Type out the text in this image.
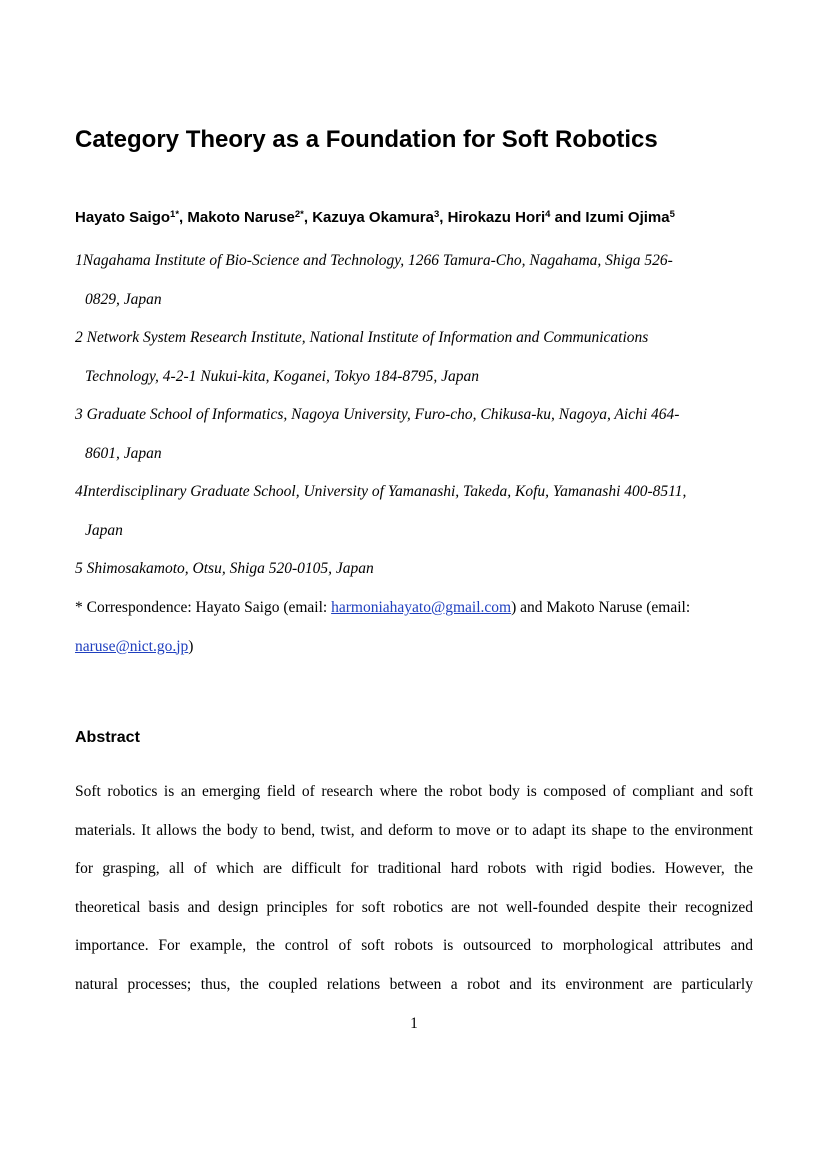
Category Theory as a Foundation for Soft Robotics
Hayato Saigo$^{1*}$, Makoto Naruse$^{2*}$, Kazuya Okamura$^3$, Hirokazu Hori$^4$ and Izumi Ojima$^5$

1Nagahama Institute of Bio-Science and Technology, 1266 Tamura-Cho, Nagahama, Shiga 526-
0829, Japan

2 Network System Research Institute, National Institute of Information and Communications
Technology, 4-2-1 Nukui-kita, Koganei, Tokyo 184-8795, Japan

3 Graduate School of Informatics, Nagoya University, Furo-cho, Chikusa-ku, Nagoya, Aichi 464-
8601, Japan

4Interdisciplinary Graduate School, University of Yamanashi, Takeda, Kofu, Yamanashi 400-8511,
Japan

5 Shimosakamoto, Otsu, Shiga 520-0105, Japan

* Correspondence: Hayato Saigo (email: harmoniahayato@gmail.com) and Makoto Naruse (email:
naruse@nict.go.jp)
Abstract

Soft robotics is an emerging field of research where the robot body is composed of compliant and soft
materials. It allows the body to bend, twist, and deform to move or to adapt its shape to the environment
for grasping, all of which are difficult for traditional hard robots with rigid bodies. However, the
theoretical basis and design principles for soft robotics are not well-founded despite their recognized
importance. For example, the control of soft robots is outsourced to morphological attributes and
natural processes; thus, the coupled relations between a robot and its environment are particularly

1
